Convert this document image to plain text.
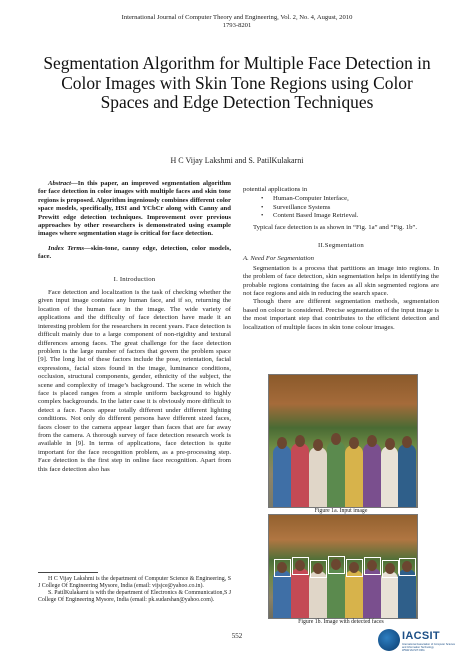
International Journal of Computer Theory and Engineering, Vol. 2, No. 4, August, 2010
1793-8201
Segmentation Algorithm for Multiple Face Detection in Color Images with Skin Tone Regions using Color Spaces and Edge Detection Techniques
H C Vijay Lakshmi and S. PatilKulakarni

Abstract—In this paper, an improved segmentation algorithm for face detection in color images with multiple faces and skin tone regions is proposed. Algorithm ingeniously combines different color space models, specifically, HSI and YCbCr along with Canny and Prewitt edge detection techniques. Improvement over previous approaches by other researchers is demonstrated using example images where segmentation stage is critical for face detection.

Index Terms—skin-tone, canny edge, detection, color models, face.

I. Introduction

Face detection and localization is the task of checking whether the given input image contains any human face, and if so, returning the location of the human face in the image. The wide variety of applications and the difficulty of face detection have made it an interesting problem for the researchers in recent years. Face detection is difficult mainly due to a large component of non-rigidity and textural differences among faces. The great challenge for the face detection problem is the large number of factors that govern the problem space [9]. The long list of these factors include the pose, orientation, facial expressions, facial sizes found in the image, luminance conditions, occlusion, structural components, gender, ethnicity of the subject, the scene and complexity of image’s background. The scene in which the face is placed ranges from a simple uniform background to highly complex backgrounds. In the latter case it is obviously more difficult to detect a face. Faces appear totally different under different lighting conditions. Not only do different persons have different sized faces, faces closer to the camera appear larger than faces that are far away from the camera. A thorough survey of face detection research work is available in [9]. In terms of applications, face detection is quite important for the face recognition problem, as a pre-processing step. Face detection is the first step in online face recognition. Apart from this face detection also has

H C Vijay Lakshmi is the department of Computer Science & Engineering, S J College Of Engineering Mysore, India (email: vijsjce@yahoo.co.in).

S. PatilKulakarni is with the department of Electronics & Communication,S J College Of Engineering Mysore, India (email: pk.sudarshan@yahoo.com).

potential applications in

• Human-Computer Interface,
• Surveillance Systems
• Content Based Image Retrieval.

Typical face detection is as shown in “Fig. 1a” and “Fig. 1b”.

II.Segmentation
A. Need For Segmentation

Segmentation is a process that partitions an image into regions. In the problem of face detection, skin segmentation helps in identifying the probable regions containing the faces as all skin segmented regions are not face regions and aids in reducing the search space.

Though there are different segmentation methods, segmentation based on colour is considered. Precise segmentation of the input image is the most important step that contributes to the efficient detection and localization of multiple faces in skin tone colour images.

Figure 1a. Input image
Figure 1b. Image with detected faces
552	IACSIT
International Association of Computer Science and Information Technology
WWW.IACSIT.ORG
